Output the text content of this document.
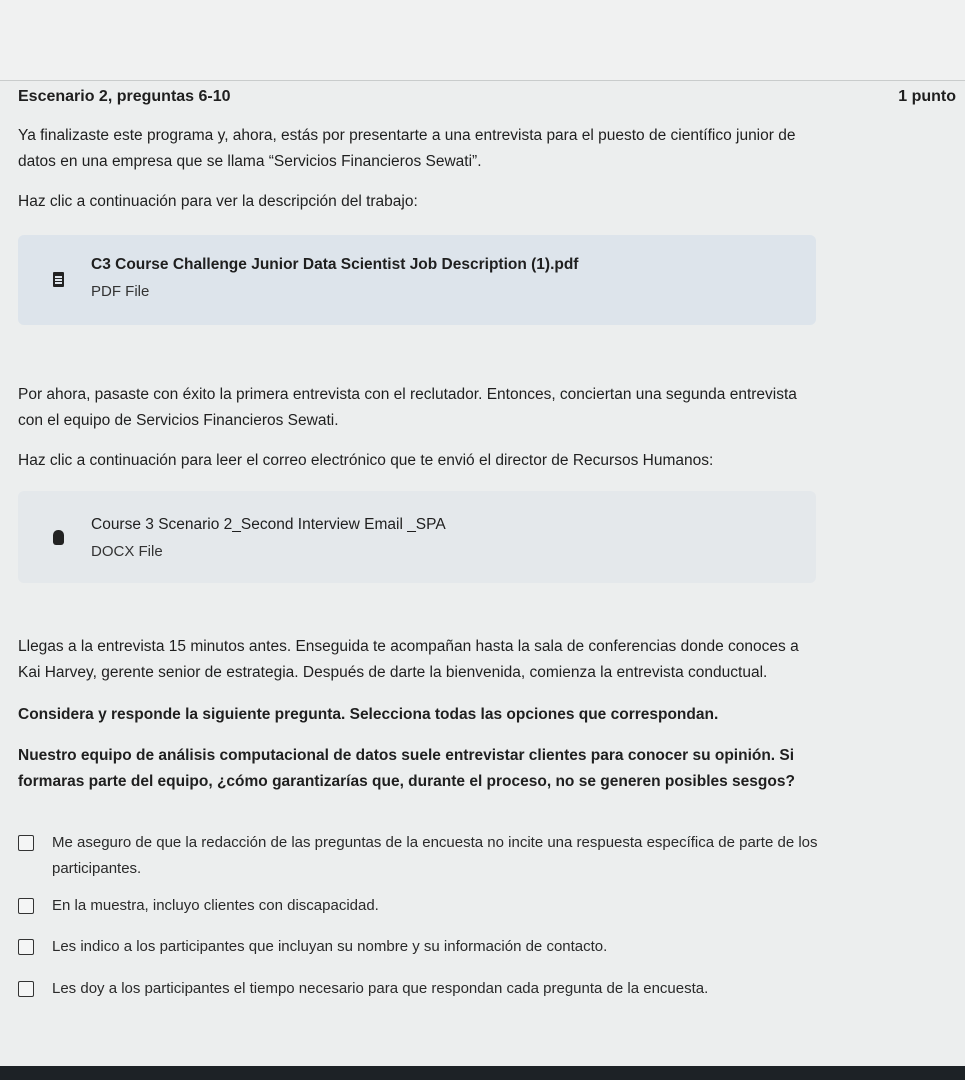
Escenario 2, preguntas 6-10	1 punto

Ya finalizaste este programa y, ahora, estás por presentarte a una entrevista para el puesto de científico junior de datos en una empresa que se llama “Servicios Financieros Sewati”.

Haz clic a continuación para ver la descripción del trabajo:

C3 Course Challenge Junior Data Scientist Job Description (1).pdf
PDF File

Por ahora, pasaste con éxito la primera entrevista con el reclutador. Entonces, conciertan una segunda entrevista con el equipo de Servicios Financieros Sewati.

Haz clic a continuación para leer el correo electrónico que te envió el director de Recursos Humanos:

Course 3 Scenario 2_Second Interview Email _SPA
DOCX File

Llegas a la entrevista 15 minutos antes. Enseguida te acompañan hasta la sala de conferencias donde conoces a Kai Harvey, gerente senior de estrategia. Después de darte la bienvenida, comienza la entrevista conductual.

Considera y responde la siguiente pregunta. Selecciona todas las opciones que correspondan.

Nuestro equipo de análisis computacional de datos suele entrevistar clientes para conocer su opinión. Si formaras parte del equipo, ¿cómo garantizarías que, durante el proceso, no se generen posibles sesgos?

Me aseguro de que la redacción de las preguntas de la encuesta no incite una respuesta específica de parte de los participantes.
En la muestra, incluyo clientes con discapacidad.
Les indico a los participantes que incluyan su nombre y su información de contacto.
Les doy a los participantes el tiempo necesario para que respondan cada pregunta de la encuesta.
